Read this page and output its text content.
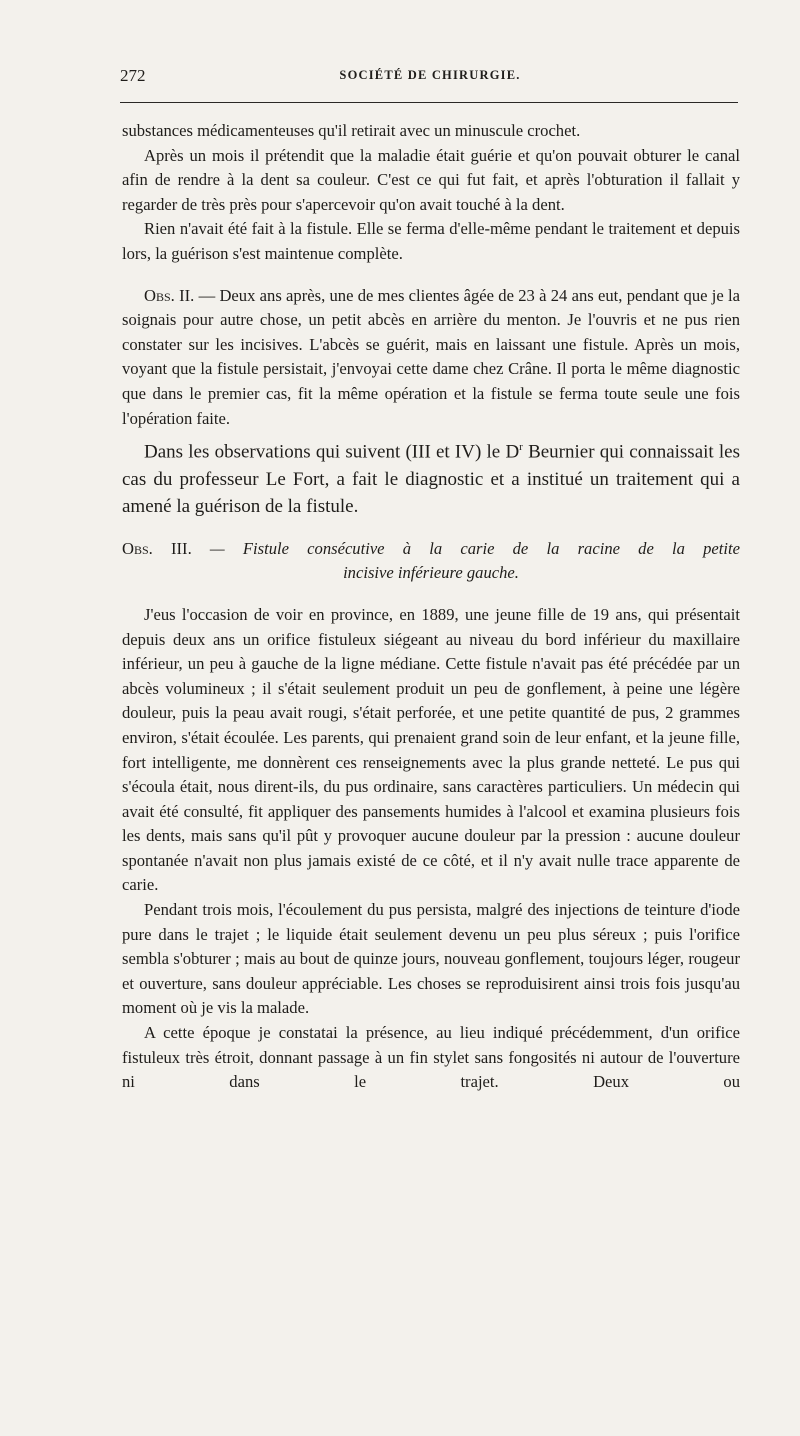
272	SOCIÉTÉ DE CHIRURGIE.

substances médicamenteuses qu'il retirait avec un minuscule crochet.

Après un mois il prétendit que la maladie était guérie et qu'on pouvait obturer le canal afin de rendre à la dent sa couleur. C'est ce qui fut fait, et après l'obturation il fallait y regarder de très près pour s'apercevoir qu'on avait touché à la dent.

Rien n'avait été fait à la fistule. Elle se ferma d'elle-même pendant le traitement et depuis lors, la guérison s'est maintenue complète.

Obs. II. — Deux ans après, une de mes clientes âgée de 23 à 24 ans eut, pendant que je la soignais pour autre chose, un petit abcès en arrière du menton. Je l'ouvris et ne pus rien constater sur les incisives. L'abcès se guérit, mais en laissant une fistule. Après un mois, voyant que la fistule persistait, j'envoyai cette dame chez Crâne. Il porta le même diagnostic que dans le premier cas, fit la même opération et la fistule se ferma toute seule une fois l'opération faite.

Dans les observations qui suivent (III et IV) le $D^r$ Beurnier qui connaissait les cas du professeur Le Fort, a fait le diagnostic et a institué un traitement qui a amené la guérison de la fistule.

Obs. III. — Fistule consécutive à la carie de la racine de la petite

incisive inférieure gauche.

J'eus l'occasion de voir en province, en 1889, une jeune fille de 19 ans, qui présentait depuis deux ans un orifice fistuleux siégeant au niveau du bord inférieur du maxillaire inférieur, un peu à gauche de la ligne médiane. Cette fistule n'avait pas été précédée par un abcès volumineux ; il s'était seulement produit un peu de gonflement, à peine une légère douleur, puis la peau avait rougi, s'était perforée, et une petite quantité de pus, 2 grammes environ, s'était écoulée. Les parents, qui prenaient grand soin de leur enfant, et la jeune fille, fort intelligente, me donnèrent ces renseignements avec la plus grande netteté. Le pus qui s'écoula était, nous dirent-ils, du pus ordinaire, sans caractères particuliers. Un médecin qui avait été consulté, fit appliquer des pansements humides à l'alcool et examina plusieurs fois les dents, mais sans qu'il pût y provoquer aucune douleur par la pression : aucune douleur spontanée n'avait non plus jamais existé de ce côté, et il n'y avait nulle trace apparente de carie.

Pendant trois mois, l'écoulement du pus persista, malgré des injections de teinture d'iode pure dans le trajet ; le liquide était seulement devenu un peu plus séreux ; puis l'orifice sembla s'obturer ; mais au bout de quinze jours, nouveau gonflement, toujours léger, rougeur et ouverture, sans douleur appréciable. Les choses se reproduisirent ainsi trois fois jusqu'au moment où je vis la malade.

A cette époque je constatai la présence, au lieu indiqué précédemment, d'un orifice fistuleux très étroit, donnant passage à un fin stylet sans fongosités ni autour de l'ouverture ni dans le trajet. Deux ou
